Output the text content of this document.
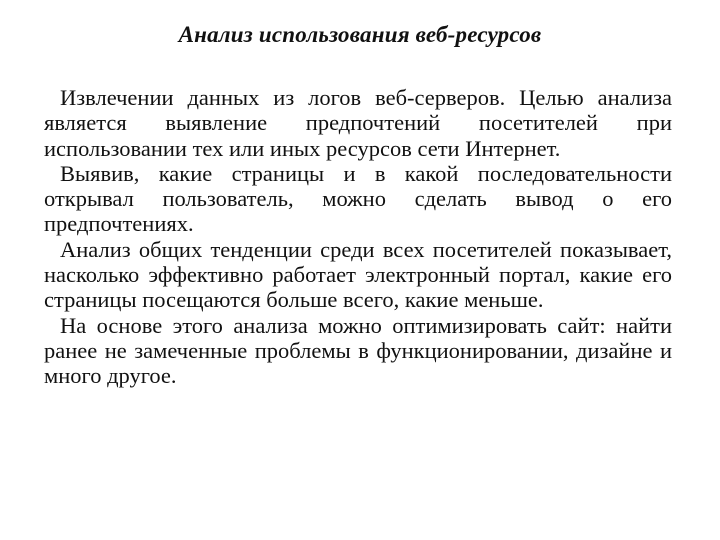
Анализ использования веб-ресурсов

Извлечении данных из логов веб-серверов. Целью анализа является выявление предпочтений посетителей при использовании тех или иных ресурсов сети Интернет.

Выявив, какие страницы и в какой последовательности открывал пользователь, можно сделать вывод о его предпочтениях.

Анализ общих тенденции среди всех посетителей показывает, насколько эффективно работает электронный портал, какие его страницы посещаются больше всего, какие меньше.

На основе этого анализа можно оптимизировать сайт: найти ранее не замеченные проблемы в функционировании, дизайне и много другое.
